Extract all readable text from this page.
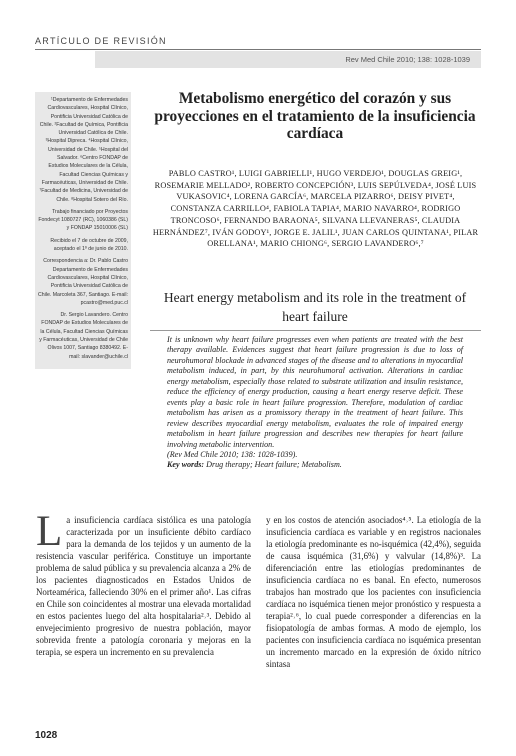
ARTÍCULO DE REVISIÓN
Rev Med Chile 2010; 138: 1028-1039

¹Departamento de Enfermedades Cardiovasculares, Hospital Clínico, Pontificia Universidad Católica de Chile. ²Facultad de Química, Pontificia Universidad Católica de Chile. ³Hospital Dipreca. ⁴Hospital Clínico, Universidad de Chile. ⁵Hospital del Salvador. ⁶Centro FONDAP de Estudios Moleculares de la Célula, Facultad Ciencias Químicas y Farmacéuticas, Universidad de Chile. ⁷Facultad de Medicina, Universidad de Chile. ⁸Hospital Sotero del Río.

Trabajo financiado por Proyectos Fondecyt 1080727 (RC), 1060386 (SL) y FONDAP 15010006 (SL)

Recibido el 7 de octubre de 2009, aceptado el 1º de junio de 2010.

Correspondencia a: Dr. Pablo Castro Departamento de Enfermedades Cardiovasculares, Hospital Clínico, Pontificia Universidad Católica de Chile. Marcoleta 367, Santiago. E-mail: pcastro@med.puc.cl

Dr. Sergio Lavandero. Centro FONDAP de Estudios Moleculares de la Célula, Facultad Ciencias Químicas y Farmacéuticas, Universidad de Chile Olivos 1007, Santiago 8380492. E-mail: slavander@uchile.cl

Metabolismo energético del corazón y sus proyecciones en el tratamiento de la insuficiencia cardíaca
PABLO CASTRO¹, LUIGI GABRIELLI¹, HUGO VERDEJO¹, DOUGLAS GREIG¹, ROSEMARIE MELLADO², ROBERTO CONCEPCIÓN³, LUIS SEPÚLVEDA⁴, JOSÉ LUIS VUKASOVIC⁴, LORENA GARCÍA⁶, MARCELA PIZARRO⁶, DEISY PIVET⁴, CONSTANZA CARRILLO⁴, FABIOLA TAPIA⁴, MARIO NAVARRO⁴, RODRIGO TRONCOSO⁶, FERNANDO BARAONA⁵, SILVANA LLEVANERAS⁵, CLAUDIA HERNÁNDEZ⁷, IVÁN GODOY¹, JORGE E. JALIL¹, JUAN CARLOS QUINTANA¹, PILAR ORELLANA¹, MARIO CHIONG⁶, SERGIO LAVANDERO⁶,⁷
Heart energy metabolism and its role in the treatment of heart failure
It is unknown why heart failure progresses even when patients are treated with the best therapy available. Evidences suggest that heart failure progression is due to loss of neurohumoral blockade in advanced stages of the disease and to alterations in myocardial metabolism induced, in part, by this neurohumoral activation. Alterations in cardiac energy metabolism, especially those related to substrate utilization and insulin resistance, reduce the efficiency of energy production, causing a heart energy reserve deficit. These events play a basic role in heart failure progression. Therefore, modulation of cardiac metabolism has arisen as a promissory therapy in the treatment of heart failure. This review describes myocardial energy metabolism, evaluates the role of impaired energy metabolism in heart failure progression and describes new therapies for heart failure involving metabolic intervention.
(Rev Med Chile 2010; 138: 1028-1039).
Key words: Drug therapy; Heart failure; Metabolism.
La insuficiencia cardíaca sistólica es una patología caracterizada por un insuficiente débito cardíaco para la demanda de los tejidos y un aumento de la resistencia vascular periférica. Constituye un importante problema de salud pública y su prevalencia alcanza a 2% de los pacientes diagnosticados en Estados Unidos de Norteamérica, falleciendo 30% en el primer año¹. Las cifras en Chile son coincidentes al mostrar una elevada mortalidad en estos pacientes luego del alta hospitalaria²˒³. Debido al envejecimiento progresivo de nuestra población, mayor sobrevida frente a patología coronaria y mejoras en la terapia, se espera un incremento en su prevalencia
y en los costos de atención asociados⁴˒⁵. La etiología de la insuficiencia cardíaca es variable y en registros nacionales la etiología predominante es no-isquémica (42,4%), seguida de causa isquémica (31,6%) y valvular (14,8%)³. La diferenciación entre las etiologías predominantes de insuficiencia cardíaca no es banal. En efecto, numerosos trabajos han mostrado que los pacientes con insuficiencia cardíaca no isquémica tienen mejor pronóstico y respuesta a terapia²˒⁶, lo cual puede corresponder a diferencias en la fisiopatología de ambas formas. A modo de ejemplo, los pacientes con insuficiencia cardíaca no isquémica presentan un incremento marcado en la expresión de óxido nítrico sintasa
1028
